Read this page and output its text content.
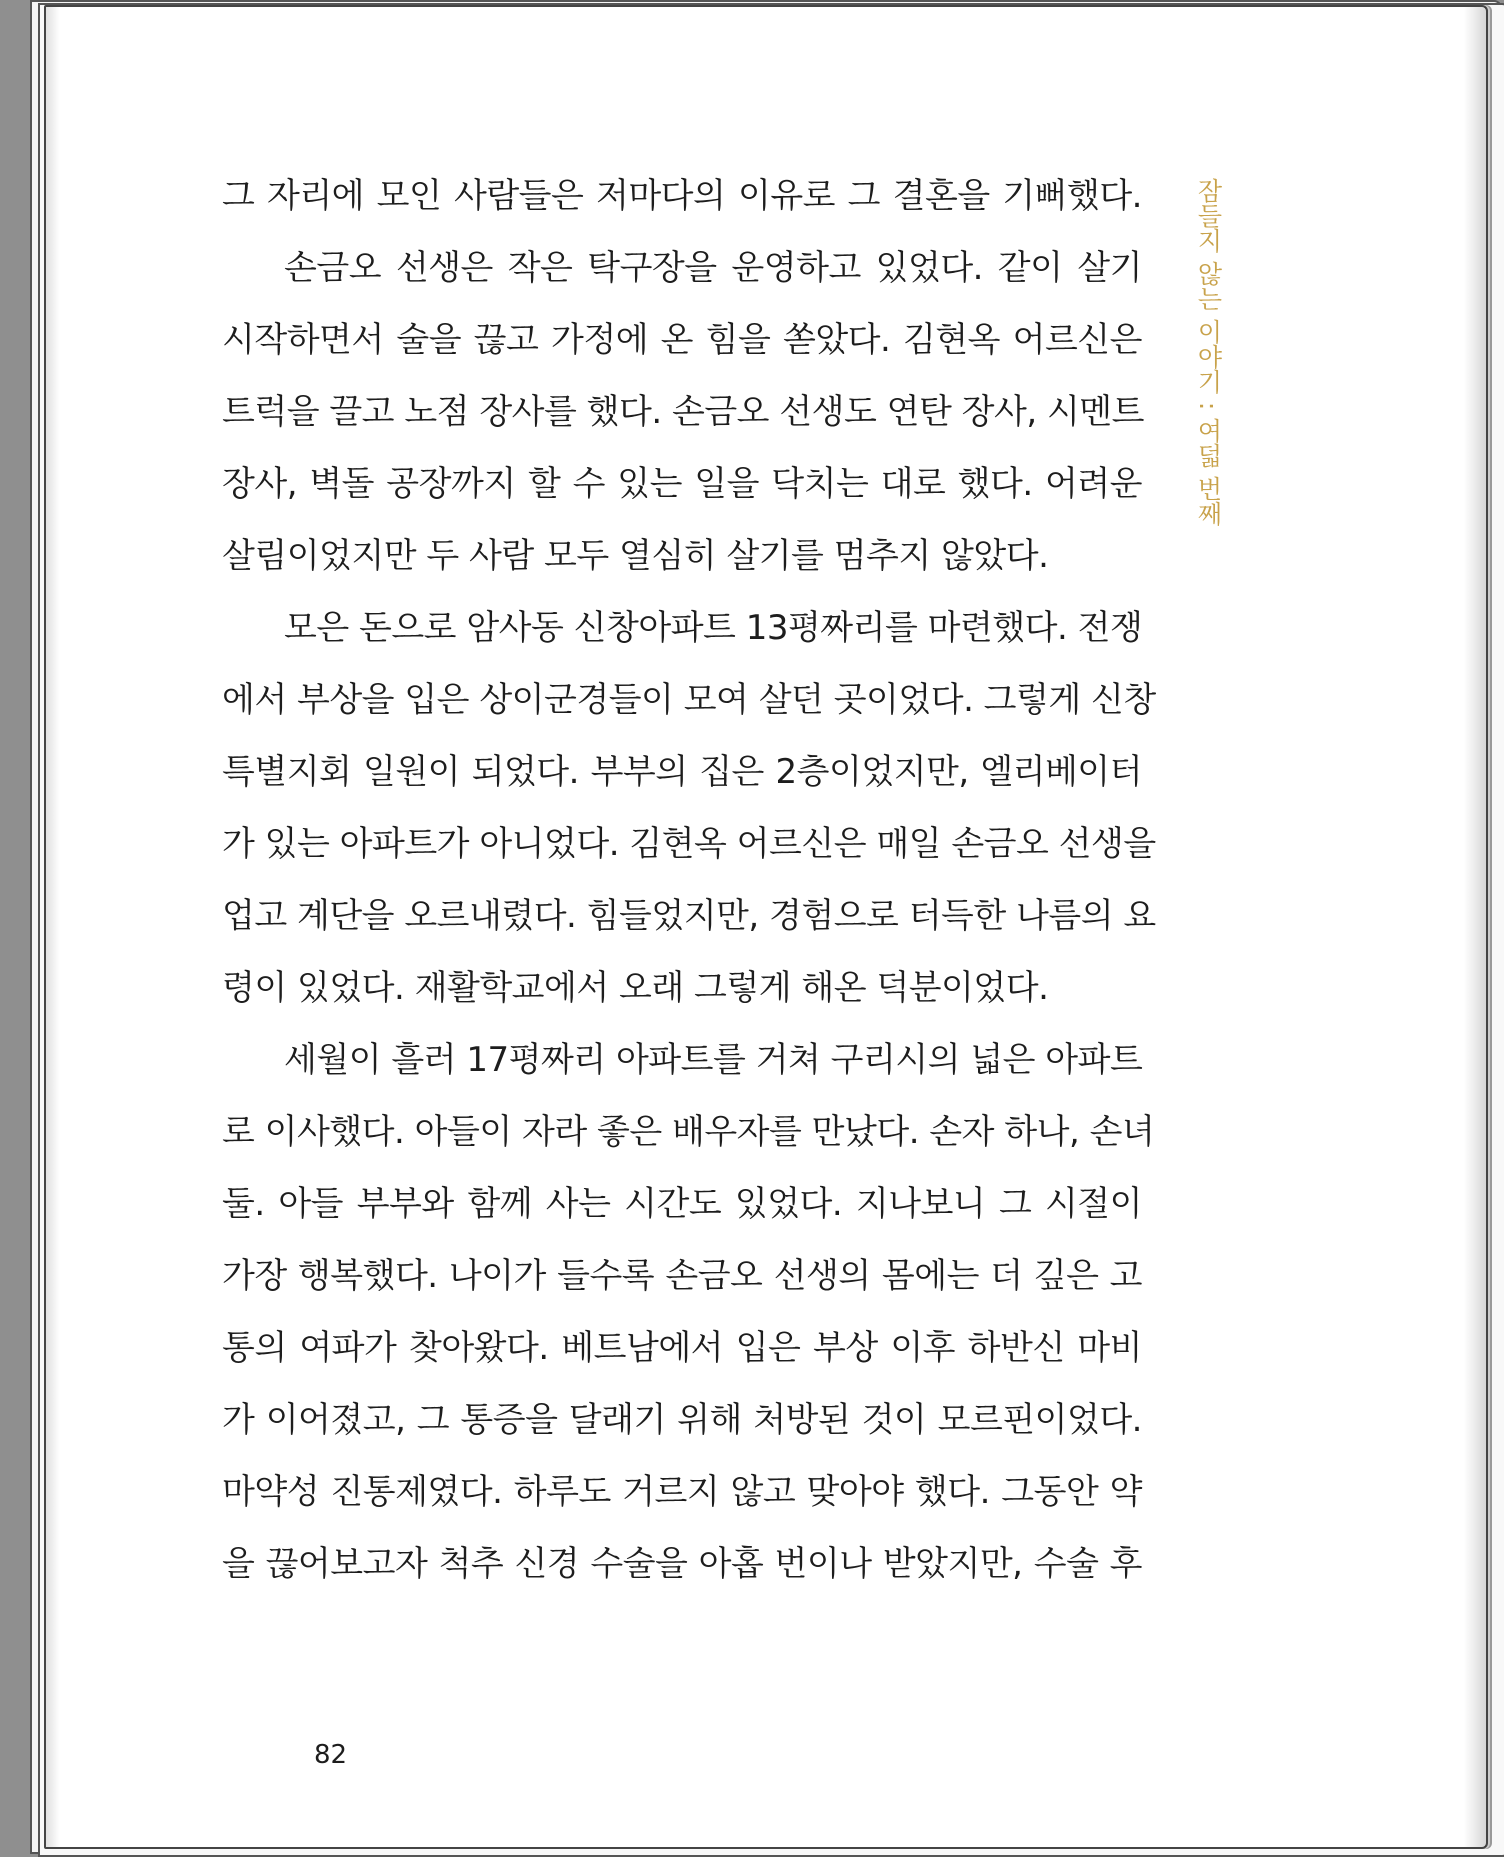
그 자리에 모인 사람들은 저마다의 이유로 그 결혼을 기뻐했다.
손금오 선생은 작은 탁구장을 운영하고 있었다. 같이 살기
시작하면서 술을 끊고 가정에 온 힘을 쏟았다. 김현옥 어르신은
트럭을 끌고 노점 장사를 했다. 손금오 선생도 연탄 장사, 시멘트
장사, 벽돌 공장까지 할 수 있는 일을 닥치는 대로 했다. 어려운
살림이었지만 두 사람 모두 열심히 살기를 멈추지 않았다.
모은 돈으로 암사동 신창아파트 13평짜리를 마련했다. 전쟁
에서 부상을 입은 상이군경들이 모여 살던 곳이었다. 그렇게 신창
특별지회 일원이 되었다. 부부의 집은 2층이었지만, 엘리베이터
가 있는 아파트가 아니었다. 김현옥 어르신은 매일 손금오 선생을
업고 계단을 오르내렸다. 힘들었지만, 경험으로 터득한 나름의 요
령이 있었다. 재활학교에서 오래 그렇게 해온 덕분이었다.
세월이 흘러 17평짜리 아파트를 거쳐 구리시의 넓은 아파트
로 이사했다. 아들이 자라 좋은 배우자를 만났다. 손자 하나, 손녀
둘. 아들 부부와 함께 사는 시간도 있었다. 지나보니 그 시절이
가장 행복했다. 나이가 들수록 손금오 선생의 몸에는 더 깊은 고
통의 여파가 찾아왔다. 베트남에서 입은 부상 이후 하반신 마비
가 이어졌고, 그 통증을 달래기 위해 처방된 것이 모르핀이었다.
마약성 진통제였다. 하루도 거르지 않고 맞아야 했다. 그동안 약
을 끊어보고자 척추 신경 수술을 아홉 번이나 받았지만, 수술 후
잠들지 않는 이야기 : 여덟 번째
82
